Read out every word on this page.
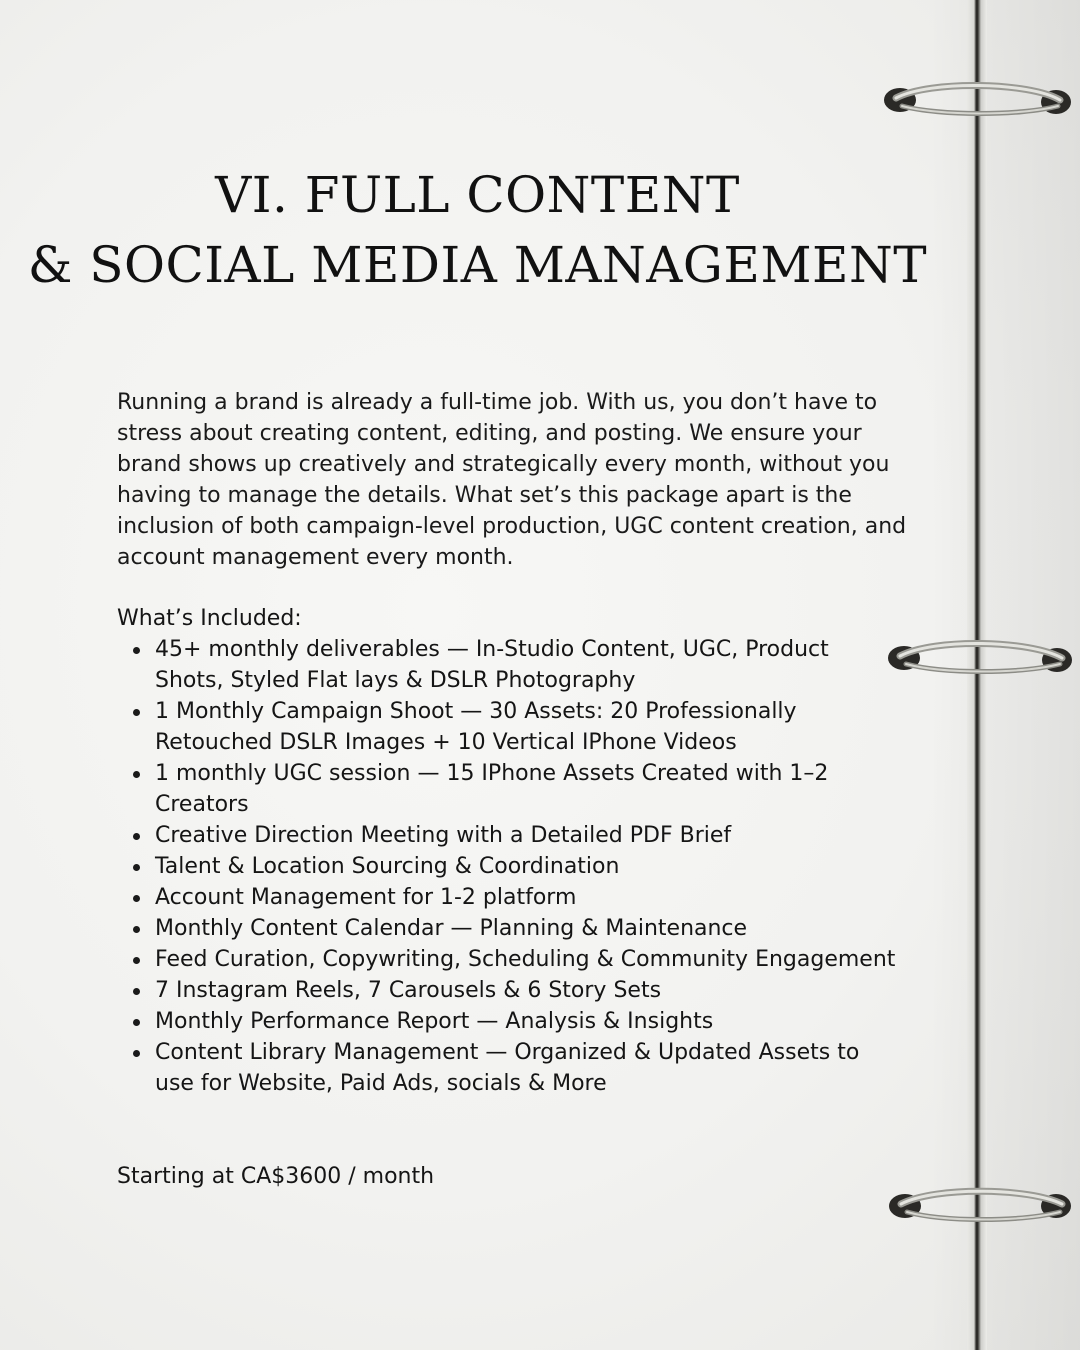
VI. FULL CONTENT
& SOCIAL MEDIA MANAGEMENT

Running a brand is already a full-time job. With us, you don’t have to stress about creating content, editing, and posting. We ensure your brand shows up creatively and strategically every month, without you having to manage the details. What set’s this package apart is the inclusion of both campaign-level production, UGC content creation, and account management every month.

What’s Included:

45+ monthly deliverables — In-Studio Content, UGC, Product Shots, Styled Flat lays & DSLR Photography
1 Monthly Campaign Shoot — 30 Assets: 20 Professionally Retouched DSLR Images + 10 Vertical IPhone Videos
1 monthly UGC session — 15 IPhone Assets Created with 1–2 Creators
Creative Direction Meeting with a Detailed PDF Brief
Talent & Location Sourcing & Coordination
Account Management for 1-2 platform
Monthly Content Calendar — Planning & Maintenance
Feed Curation, Copywriting, Scheduling & Community Engagement
7 Instagram Reels, 7 Carousels & 6 Story Sets
Monthly Performance Report — Analysis & Insights
Content Library Management — Organized & Updated Assets to use for Website, Paid Ads, socials & More

Starting at CA$3600 / month
